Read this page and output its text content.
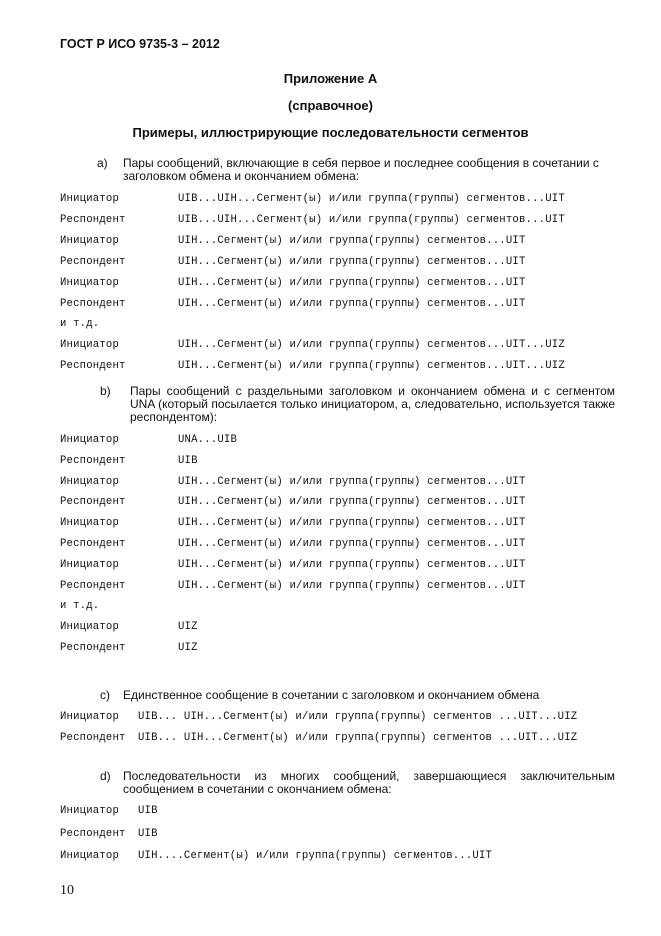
ГОСТ Р ИСО 9735-3 – 2012
Приложение А
(справочное)
Примеры, иллюстрирующие последовательности сегментов
a) Пары сообщений, включающие в себя первое и последнее сообщения в сочетании с заголовком обмена и окончанием обмена:
Инициатор	UIB...UIH...Сегмент(ы) и/или группа(группы) сегментов...UIT
Респондент	UIB...UIH...Сегмент(ы) и/или группа(группы) сегментов...UIT
Инициатор	UIH...Сегмент(ы) и/или группа(группы) сегментов...UIT
Респондент	UIH...Сегмент(ы) и/или группа(группы) сегментов...UIT
Инициатор	UIH...Сегмент(ы) и/или группа(группы) сегментов...UIT
Респондент	UIH...Сегмент(ы) и/или группа(группы) сегментов...UIT
и т.д.
Инициатор	UIH...Сегмент(ы) и/или группа(группы) сегментов...UIT...UIZ
Респондент	UIH...Сегмент(ы) и/или группа(группы) сегментов...UIT...UIZ
b) Пары сообщений с раздельными заголовком и окончанием обмена и с сегментом UNA (который посылается только инициатором, а, следовательно, используется также респондентом):
Инициатор	UNA...UIB
Респондент	UIB
Инициатор	UIH...Сегмент(ы) и/или группа(группы) сегментов...UIT
Респондент	UIH...Сегмент(ы) и/или группа(группы) сегментов...UIT
Инициатор	UIH...Сегмент(ы) и/или группа(группы) сегментов...UIT
Респондент	UIH...Сегмент(ы) и/или группа(группы) сегментов...UIT
Инициатор	UIH...Сегмент(ы) и/или группа(группы) сегментов...UIT
Респондент	UIH...Сегмент(ы) и/или группа(группы) сегментов...UIT
и т.д.
Инициатор	UIZ
Респондент	UIZ
c) Единственное сообщение в сочетании с заголовком и окончанием обмена
Инициатор UIB... UIH...Сегмент(ы) и/или группа(группы) сегментов ...UIT...UIZ
Респондент UIB... UIH...Сегмент(ы) и/или группа(группы) сегментов ...UIT...UIZ
d) Последовательности из многих сообщений, завершающиеся заключительным сообщением в сочетании с окончанием обмена:
Инициатор UIB
Респондент UIB
Инициатор UIH....Сегмент(ы) и/или группа(группы) сегментов...UIT
10
